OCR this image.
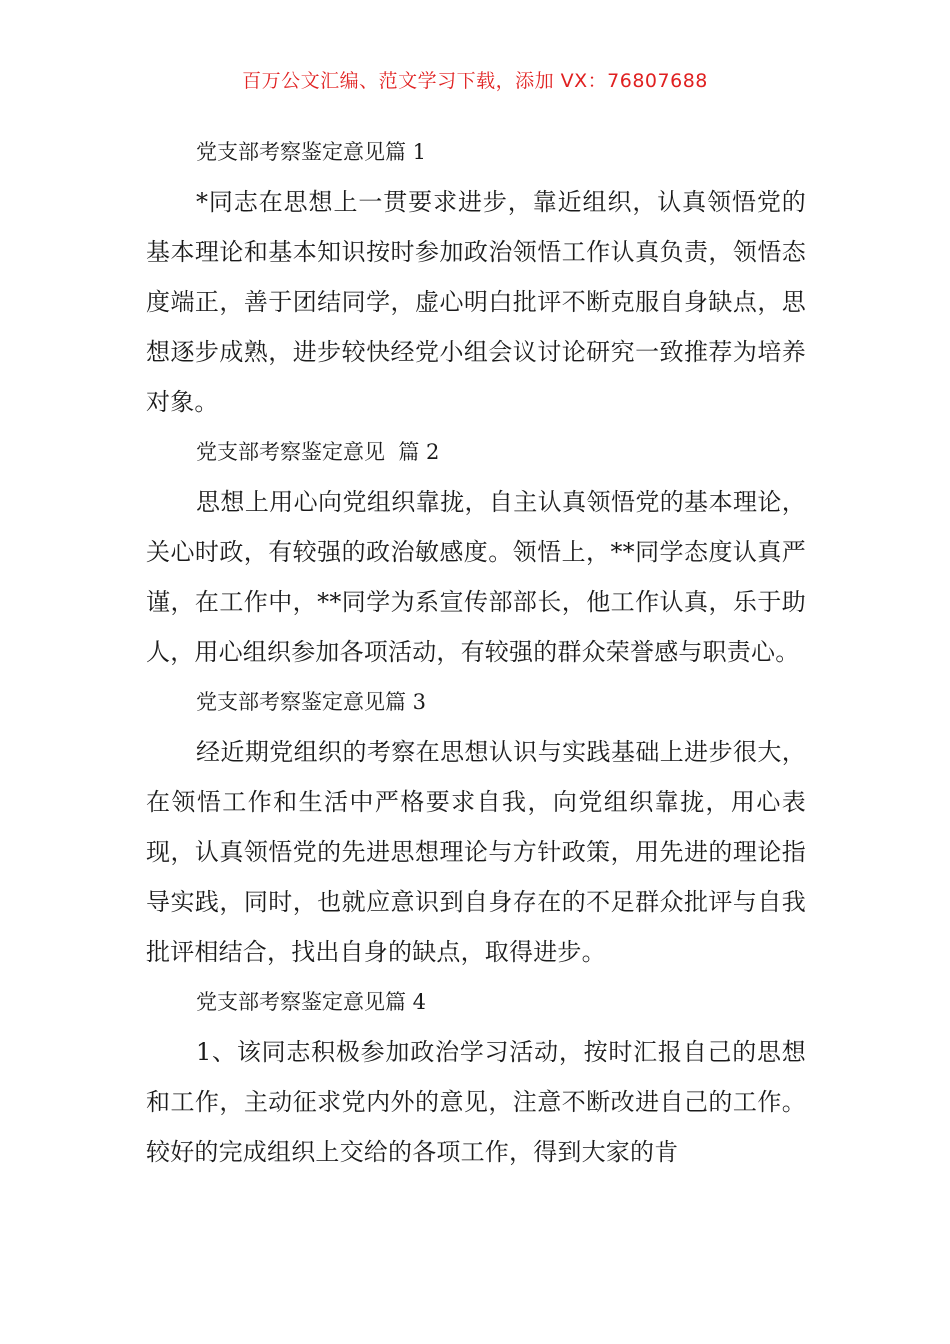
百万公文汇编、范文学习下载，添加 VX：76807688
党支部考察鉴定意见篇 1
*同志在思想上一贯要求进步，靠近组织，认真领悟党的基本理论和基本知识按时参加政治领悟工作认真负责，领悟态度端正，善于团结同学，虚心明白批评不断克服自身缺点，思想逐步成熟，进步较快经党小组会议讨论研究一致推荐为培养对象。
党支部考察鉴定意见  篇 2
思想上用心向党组织靠拢，自主认真领悟党的基本理论，关心时政，有较强的政治敏感度。领悟上，**同学态度认真严谨，在工作中，**同学为系宣传部部长，他工作认真，乐于助人，用心组织参加各项活动，有较强的群众荣誉感与职责心。
党支部考察鉴定意见篇 3
经近期党组织的考察在思想认识与实践基础上进步很大，在领悟工作和生活中严格要求自我，向党组织靠拢，用心表现，认真领悟党的先进思想理论与方针政策，用先进的理论指导实践，同时，也就应意识到自身存在的不足群众批评与自我批评相结合，找出自身的缺点，取得进步。
党支部考察鉴定意见篇 4
1、该同志积极参加政治学习活动，按时汇报自己的思想和工作，主动征求党内外的意见，注意不断改进自己的工作。较好的完成组织上交给的各项工作，得到大家的肯
